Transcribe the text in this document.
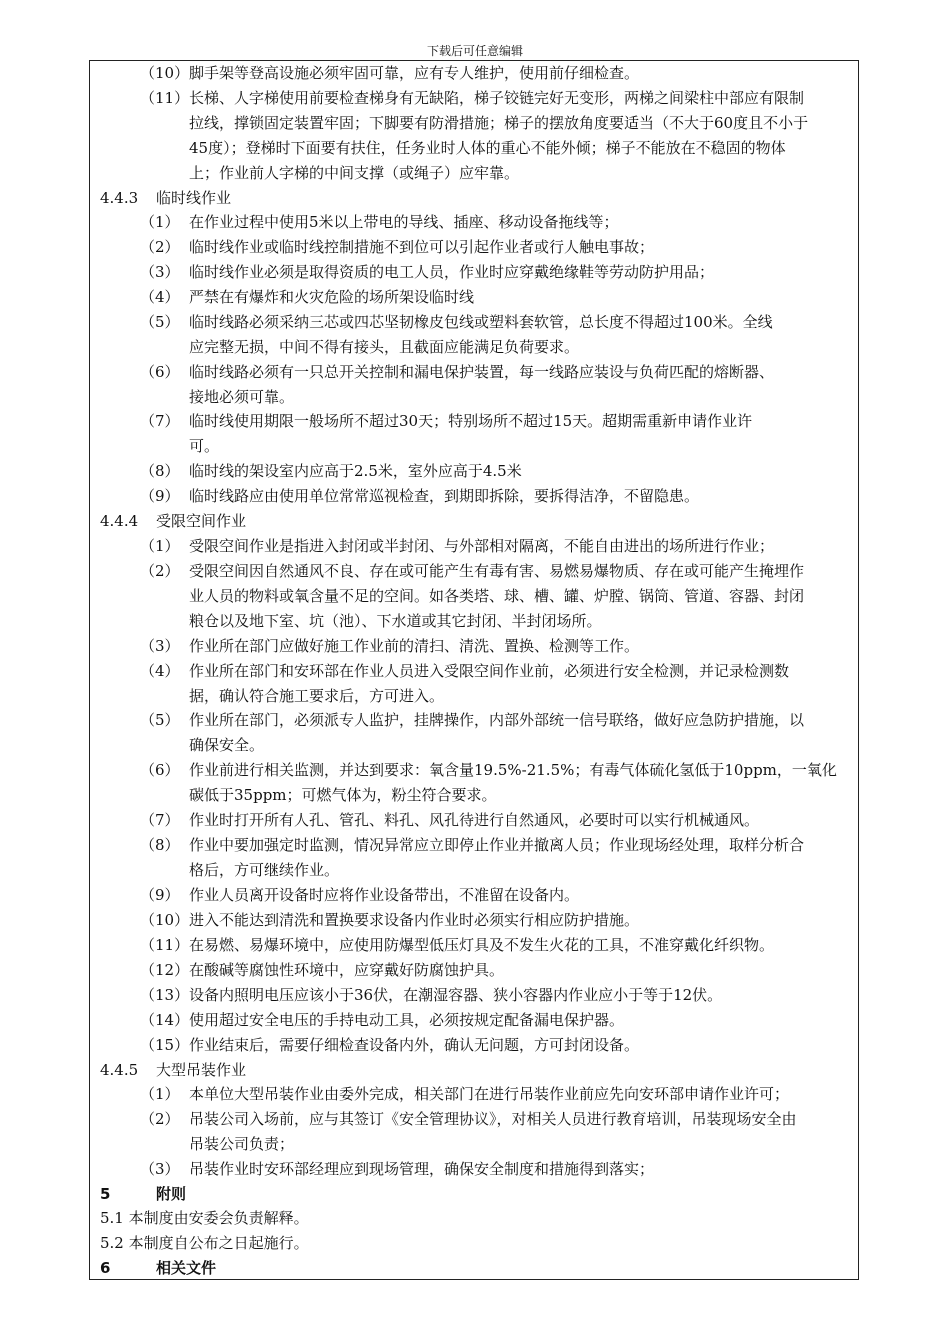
下载后可任意编辑
（10） 脚手架等登高设施必须牢固可靠，应有专人维护，使用前仔细检查。
（11） 长梯、人字梯使用前要检查梯身有无缺陷，梯子铰链完好无变形，两梯之间梁柱中部应有限制
拉线，撑锁固定装置牢固；下脚要有防滑措施；梯子的摆放角度要适当（不大于60度且不小于
45度）；登梯时下面要有扶住，任务业时人体的重心不能外倾；梯子不能放在不稳固的物体
上；作业前人字梯的中间支撑（或绳子）应牢靠。
4.4.3 临时线作业
（1） 在作业过程中使用5米以上带电的导线、插座、移动设备拖线等；
（2） 临时线作业或临时线控制措施不到位可以引起作业者或行人触电事故；
（3） 临时线作业必须是取得资质的电工人员，作业时应穿戴绝缘鞋等劳动防护用品；
（4） 严禁在有爆炸和火灾危险的场所架设临时线
（5） 临时线路必须采纳三芯或四芯坚韧橡皮包线或塑料套软管，总长度不得超过100米。全线
应完整无损，中间不得有接头，且截面应能满足负荷要求。
（6） 临时线路必须有一只总开关控制和漏电保护装置，每一线路应装设与负荷匹配的熔断器、
接地必须可靠。
（7） 临时线使用期限一般场所不超过30天；特别场所不超过15天。超期需重新申请作业许
可。
（8） 临时线的架设室内应高于2.5米，室外应高于4.5米
（9） 临时线路应由使用单位常常巡视检查，到期即拆除，要拆得洁净，不留隐患。
4.4.4 受限空间作业
（1） 受限空间作业是指进入封闭或半封闭、与外部相对隔离，不能自由进出的场所进行作业；
（2） 受限空间因自然通风不良、存在或可能产生有毒有害、易燃易爆物质、存在或可能产生掩埋作
业人员的物料或氧含量不足的空间。如各类塔、球、槽、罐、炉膛、锅筒、管道、容器、封闭
粮仓以及地下室、坑（池）、下水道或其它封闭、半封闭场所。
（3） 作业所在部门应做好施工作业前的清扫、清洗、置换、检测等工作。
（4） 作业所在部门和安环部在作业人员进入受限空间作业前，必须进行安全检测，并记录检测数
据，确认符合施工要求后，方可进入。
（5） 作业所在部门，必须派专人监护，挂牌操作，内部外部统一信号联络，做好应急防护措施，以
确保安全。
（6） 作业前进行相关监测，并达到要求：氧含量19.5%-21.5%；有毒气体硫化氢低于10ppm，一氧化
碳低于35ppm；可燃气体为，粉尘符合要求。
（7） 作业时打开所有人孔、管孔、料孔、风孔待进行自然通风，必要时可以实行机械通风。
（8） 作业中要加强定时监测，情况异常应立即停止作业并撤离人员；作业现场经处理，取样分析合
格后，方可继续作业。
（9） 作业人员离开设备时应将作业设备带出，不准留在设备内。
（10） 进入不能达到清洗和置换要求设备内作业时必须实行相应防护措施。
（11） 在易燃、易爆环境中，应使用防爆型低压灯具及不发生火花的工具，不准穿戴化纤织物。
（12） 在酸碱等腐蚀性环境中，应穿戴好防腐蚀护具。
（13） 设备内照明电压应该小于36伏，在潮湿容器、狭小容器内作业应小于等于12伏。
（14） 使用超过安全电压的手持电动工具，必须按规定配备漏电保护器。
（15） 作业结束后，需要仔细检查设备内外，确认无问题，方可封闭设备。
4.4.5 大型吊装作业
（1） 本单位大型吊装作业由委外完成，相关部门在进行吊装作业前应先向安环部申请作业许可；
（2） 吊装公司入场前，应与其签订《安全管理协议》，对相关人员进行教育培训，吊装现场安全由
吊装公司负责；
（3） 吊装作业时安环部经理应到现场管理，确保安全制度和措施得到落实；
5	附则
5.1 本制度由安委会负责解释。
5.2 本制度自公布之日起施行。
6	相关文件
